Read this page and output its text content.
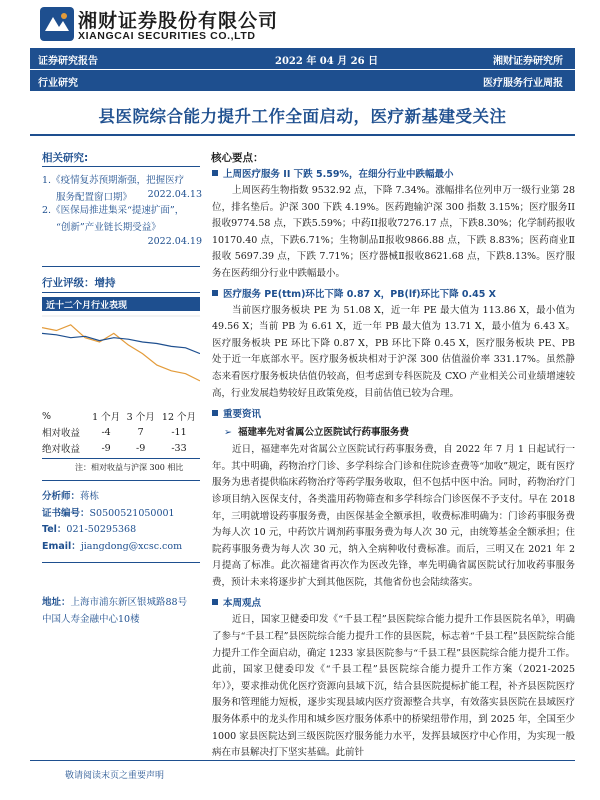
湘财证券股份有限公司
XIANGCAI SECURITIES CO.,LTD
证券研究报告	2022 年 04 月 26 日	湘财证券研究所
行业研究	医疗服务行业周报
县医院综合能力提升工作全面启动，医疗新基建受关注
相关研究:
1.《疫情复苏预期渐强，把握医疗
服务配置窗口期》	2022.04.13
2.《医保局推进集采“提速扩面”，
“创新”产业链长期受益》
2022.04.19
行业评级：增持
近十二个月行业表现
%	1 个月	3 个月	12 个月
相对收益	-4	7	-11
绝对收益	-9	-9	-33
注：相对收益与沪深 300 相比
分析师：蒋栋
证书编号：S0500521050001
Tel：021-50295368
Email：jiangdong@xcsc.com
地址：上海市浦东新区银城路88号
中国人寿金融中心10楼
核心要点：
上周医疗服务 II 下跌 5.59%，在细分行业中跌幅最小

上周医药生物指数 9532.92 点，下降 7.34%。涨幅排名位列申万一级行业第 28 位，排名垫后。沪深 300 下跌 4.19%。医药跑输沪深 300 指数 3.15%；医疗服务II报收9774.58 点，下跌5.59%；中药II报收7276.17 点，下跌8.30%；化学制药报收10170.40 点，下跌6.71%；生物制品Ⅱ报收9866.88 点，下跌 8.83%；医药商业Ⅱ报收 5697.39 点，下跌 7.71%；医疗器械Ⅱ报收8621.68 点，下跌8.13%。医疗服务在医药细分行业中跌幅最小。

医疗服务 PE(ttm)环比下降 0.87 X，PB(lf)环比下降 0.45 X

当前医疗服务板块 PE 为 51.08 X，近一年 PE 最大值为 113.86 X，最小值为 49.56 X；当前 PB 为 6.61 X，近一年 PB 最大值为 13.71 X，最小值为 6.43 X。医疗服务板块 PE 环比下降 0.87 X，PB 环比下降 0.45 X，医疗服务板块 PE、PB 处于近一年底部水平。医疗服务板块相对于沪深 300 估值溢价率 331.17%。虽然静态来看医疗服务板块估值仍较高，但考虑到专科医院及 CXO 产业相关公司业绩增速较高，行业发展趋势较好且政策免疫，目前估值已较为合理。

重要资讯
➢ 福建率先对省属公立医院试行药事服务费

近日，福建率先对省属公立医院试行药事服务费，自 2022 年 7 月 1 日起试行一年。其中明确，药物治疗门诊、多学科综合门诊和住院诊查费等“加收”规定，既有医疗服务为患者提供临床药物治疗等药学服务收取，但不包括中医中治。同时，药物治疗门诊项目纳入医保支付，各类滥用药物筛查和多学科综合门诊医保不予支付。早在 2018 年，三明就增设药事服务费，由医保基金全额承担，收费标准明确为：门诊药事服务费为每人次 10 元，中药饮片调剂药事服务费为每人次 30 元，由统筹基金全额承担；住院药事服务费为每人次 30 元，纳入全病种收付费标准。而后，三明又在 2021 年 2 月提高了标准。此次福建省再次作为医改先锋，率先明确省属医院试行加收药事服务费，预计未来将逐步扩大到其他医院，其他省份也会陆续落实。

本周观点

近日，国家卫健委印发《“千县工程”县医院综合能力提升工作县医院名单》，明确了参与“千县工程”县医院综合能力提升工作的县医院，标志着“千县工程”县医院综合能力提升工作全面启动，确定 1233 家县医院参与“千县工程”县医院综合能力提升工作。此前，国家卫健委印发《“千县工程”县医院综合能力提升工作方案（2021-2025 年）》，要求推动优化医疗资源向县域下沉，结合县医院提标扩能工程，补齐县医院医疗服务和管理能力短板，逐步实现县域内医疗资源整合共享，有效落实县医院在县域医疗服务体系中的龙头作用和城乡医疗服务体系中的桥梁纽带作用，到 2025 年，全国至少 1000 家县医院达到三级医院医疗服务能力水平，发挥县域医疗中心作用，为实现一般病在市县解决打下坚实基础。此前针

敬请阅读末页之重要声明
